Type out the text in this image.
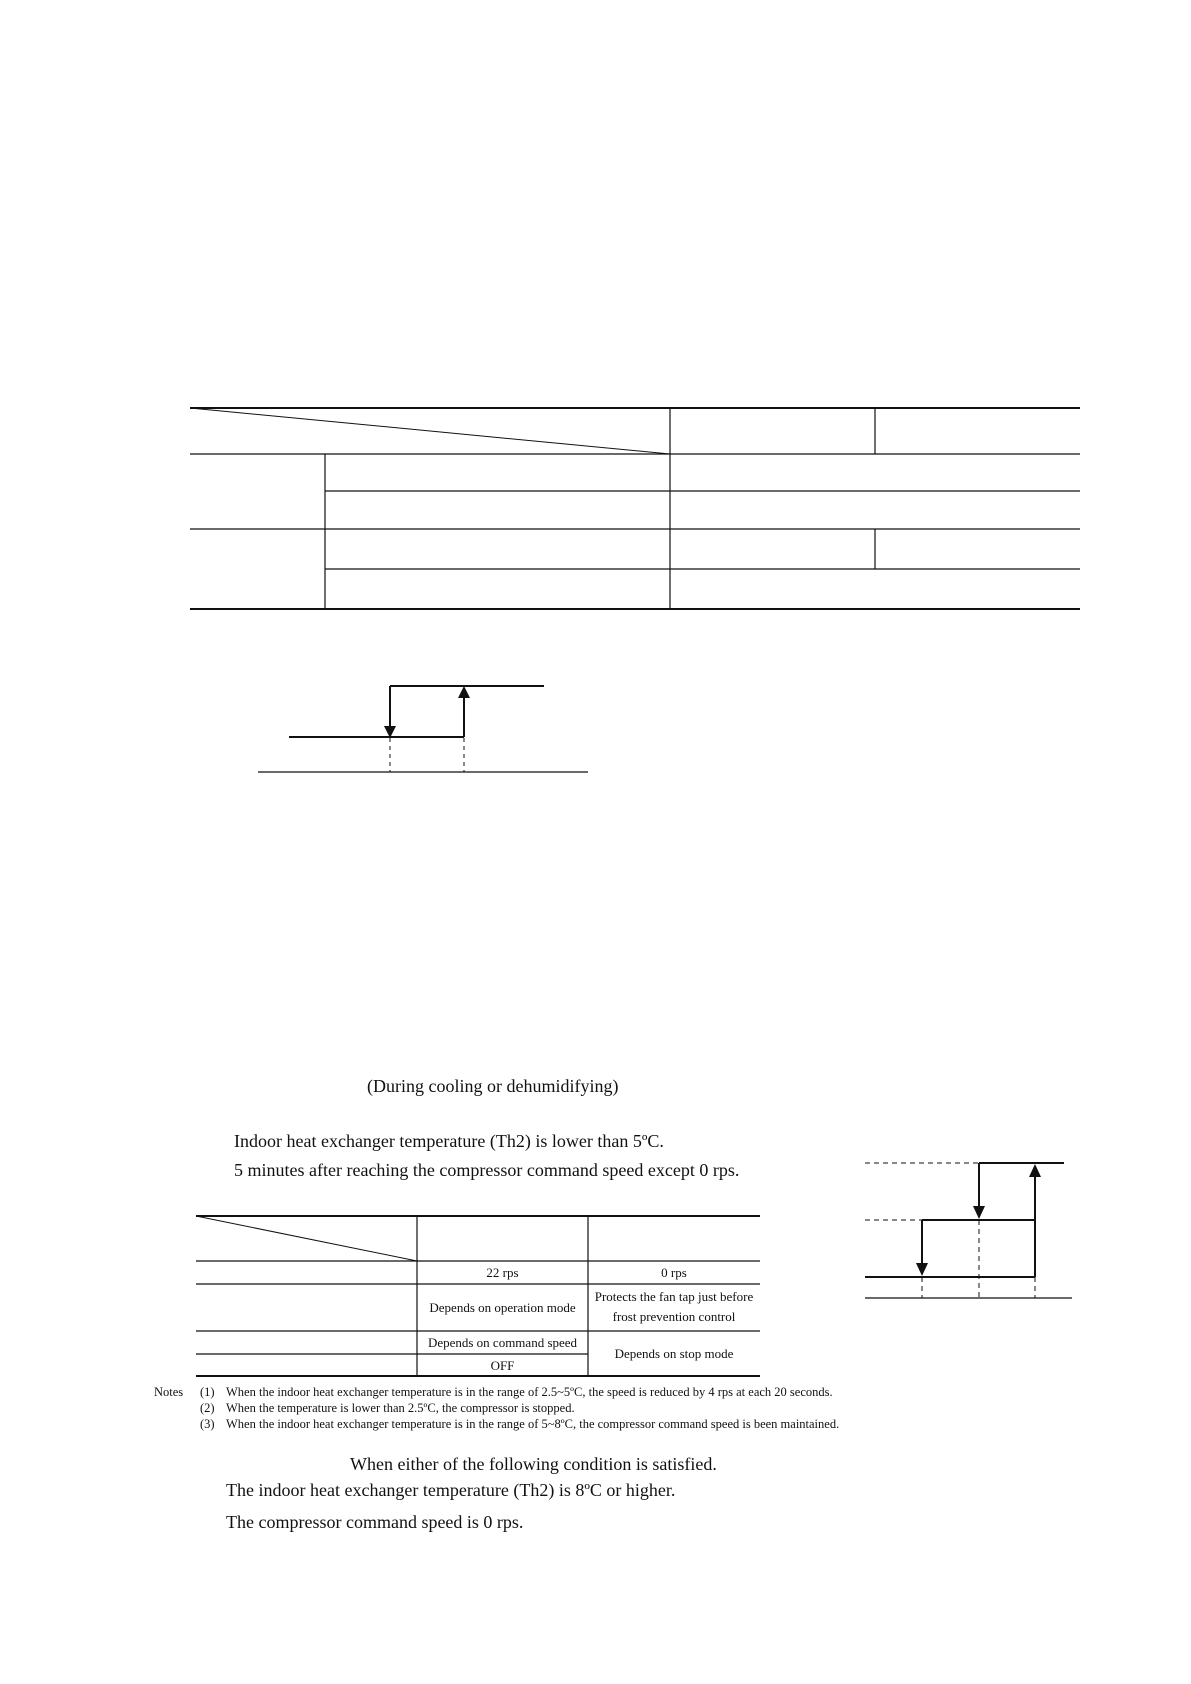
(During cooling or dehumidifying)
Indoor heat exchanger temperature (Th2) is lower than 5ºC.
5 minutes after reaching the compressor command speed except 0 rps.
22 rps	0 rps
Depends on operation mode
Protects the fan tap just before
frost prevention control
Depends on command speed
OFF
Depends on stop mode
Notes (1) When the indoor heat exchanger temperature is in the range of 2.5~5ºC, the speed is reduced by 4 rps at each 20 seconds.
(2) When the temperature is lower than 2.5ºC, the compressor is stopped.
(3) When the indoor heat exchanger temperature is in the range of 5~8ºC, the compressor command speed is been maintained.
When either of the following condition is satisfied.
The indoor heat exchanger temperature (Th2) is 8ºC or higher.
The compressor command speed is 0 rps.
